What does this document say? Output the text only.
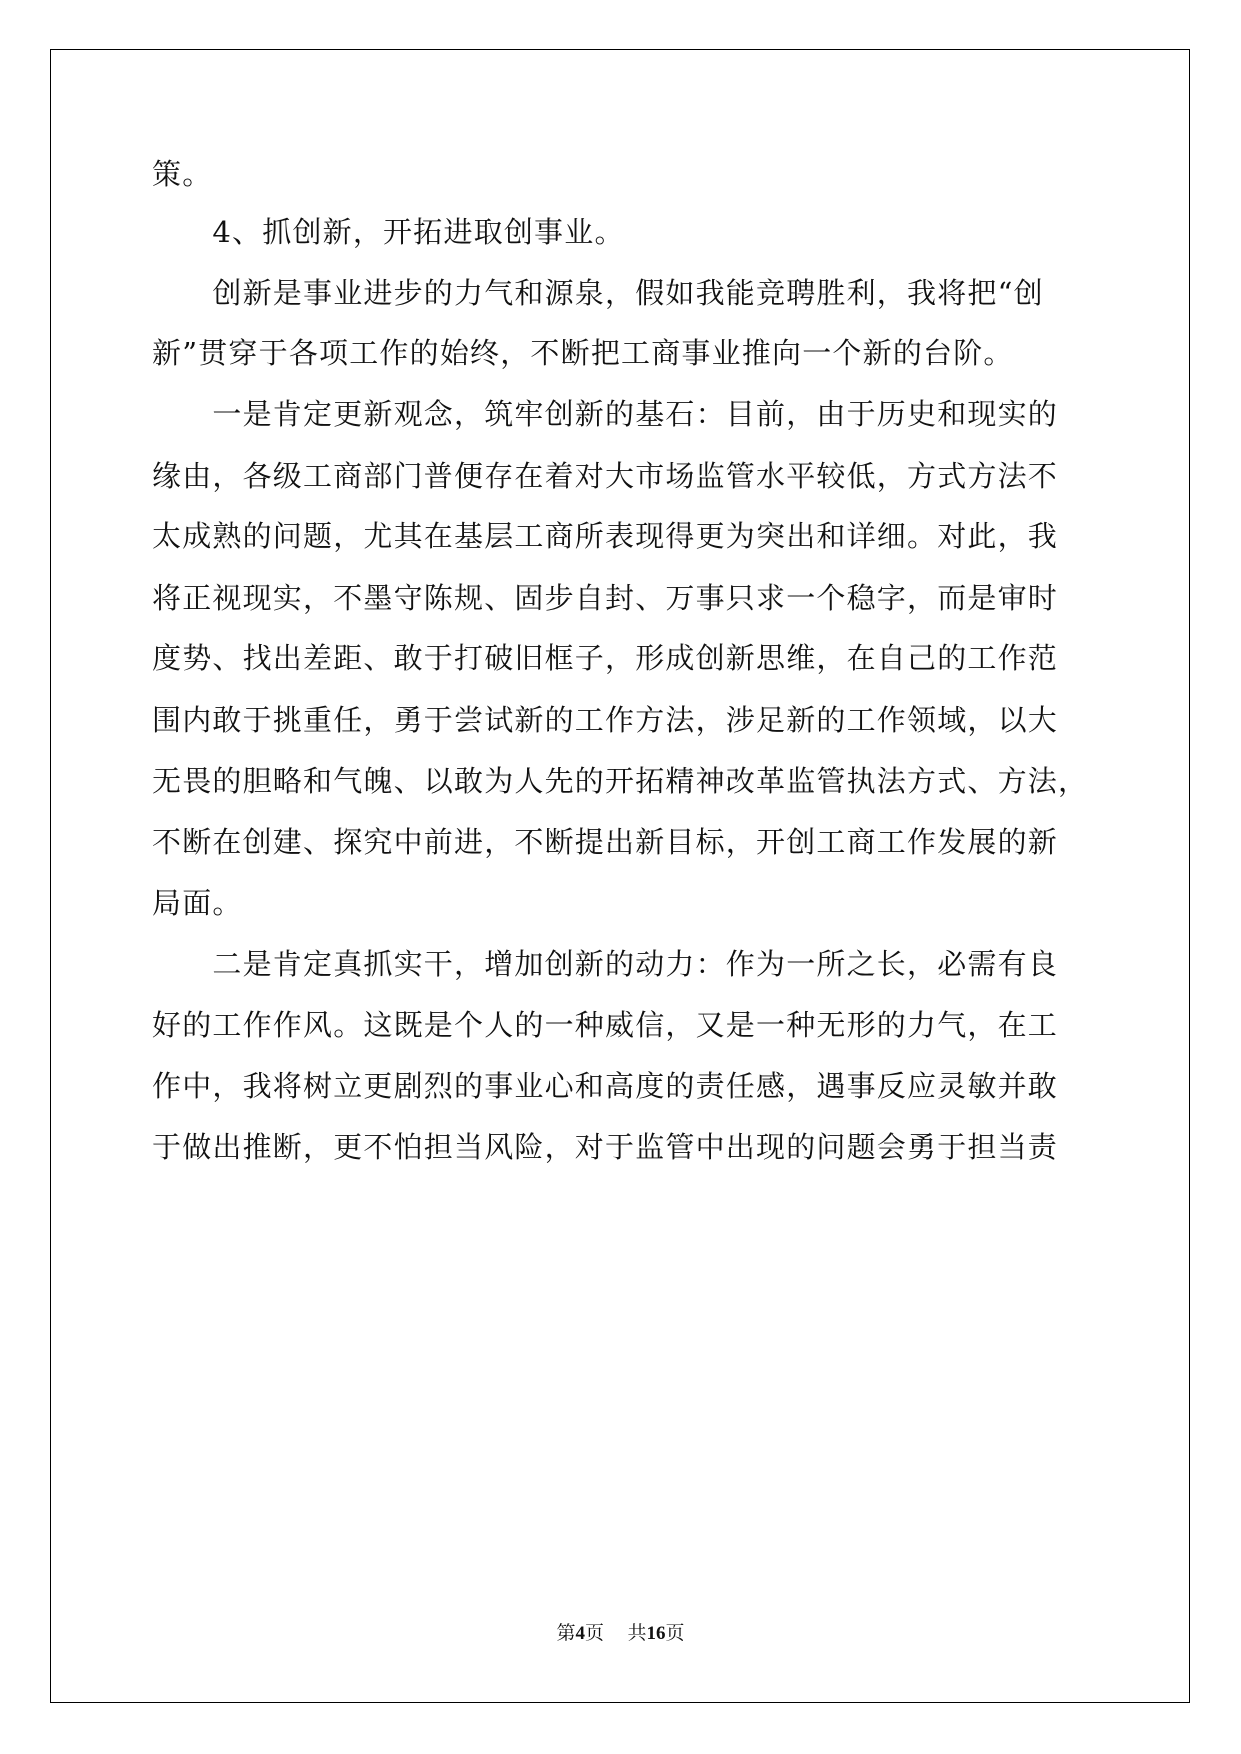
策。
　　4、抓创新，开拓进取创事业。
　　创新是事业进步的力气和源泉，假如我能竞聘胜利，我将把“创
新”贯穿于各项工作的始终，不断把工商事业推向一个新的台阶。
　　一是肯定更新观念，筑牢创新的基石：目前，由于历史和现实的
缘由，各级工商部门普便存在着对大市场监管水平较低，方式方法不
太成熟的问题，尤其在基层工商所表现得更为突出和详细。对此，我
将正视现实，不墨守陈规、固步自封、万事只求一个稳字，而是审时
度势、找出差距、敢于打破旧框子，形成创新思维，在自己的工作范
围内敢于挑重任，勇于尝试新的工作方法，涉足新的工作领域，以大
无畏的胆略和气魄、以敢为人先的开拓精神改革监管执法方式、方法，
不断在创建、探究中前进，不断提出新目标，开创工商工作发展的新
局面。
　　二是肯定真抓实干，增加创新的动力：作为一所之长，必需有良
好的工作作风。这既是个人的一种威信，又是一种无形的力气，在工
作中，我将树立更剧烈的事业心和高度的责任感，遇事反应灵敏并敢
于做出推断，更不怕担当风险，对于监管中出现的问题会勇于担当责
第4页 共16页
